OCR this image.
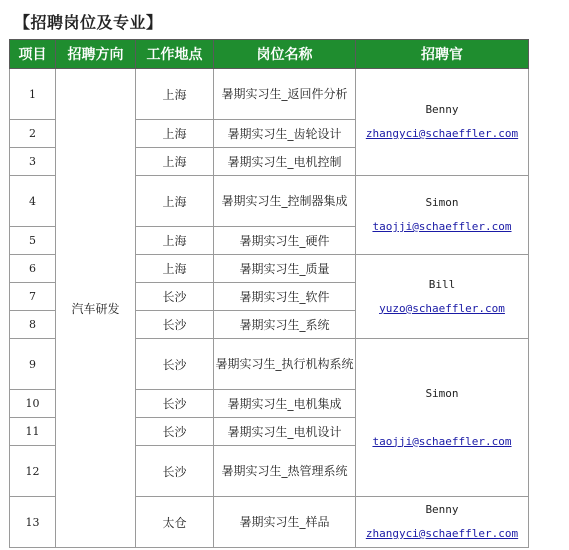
【招聘岗位及专业】
项目	招聘方向	工作地点	岗位名称	招聘官
1	汽车研发	上海	暑期实习生_返回件分析	Benny
zhangyci@schaeffler.com

2		上海	暑期实习生_齿轮设计	
3		上海	暑期实习生_电机控制	
4		上海	暑期实习生_控制器集成	Simon
taojji@schaeffler.com

5		上海	暑期实习生_硬件	
6		上海	暑期实习生_质量	Bill
yuzo@schaeffler.com

7		长沙	暑期实习生_软件	
8		长沙	暑期实习生_系统	
9		长沙	暑期实习生_执行机构系统	Simon
taojji@schaeffler.com

10		长沙	暑期实习生_电机集成	
11		长沙	暑期实习生_电机设计	
12		长沙	暑期实习生_热管理系统	
13		太仓	暑期实习生_样品	Benny
zhangyci@schaeffler.com
